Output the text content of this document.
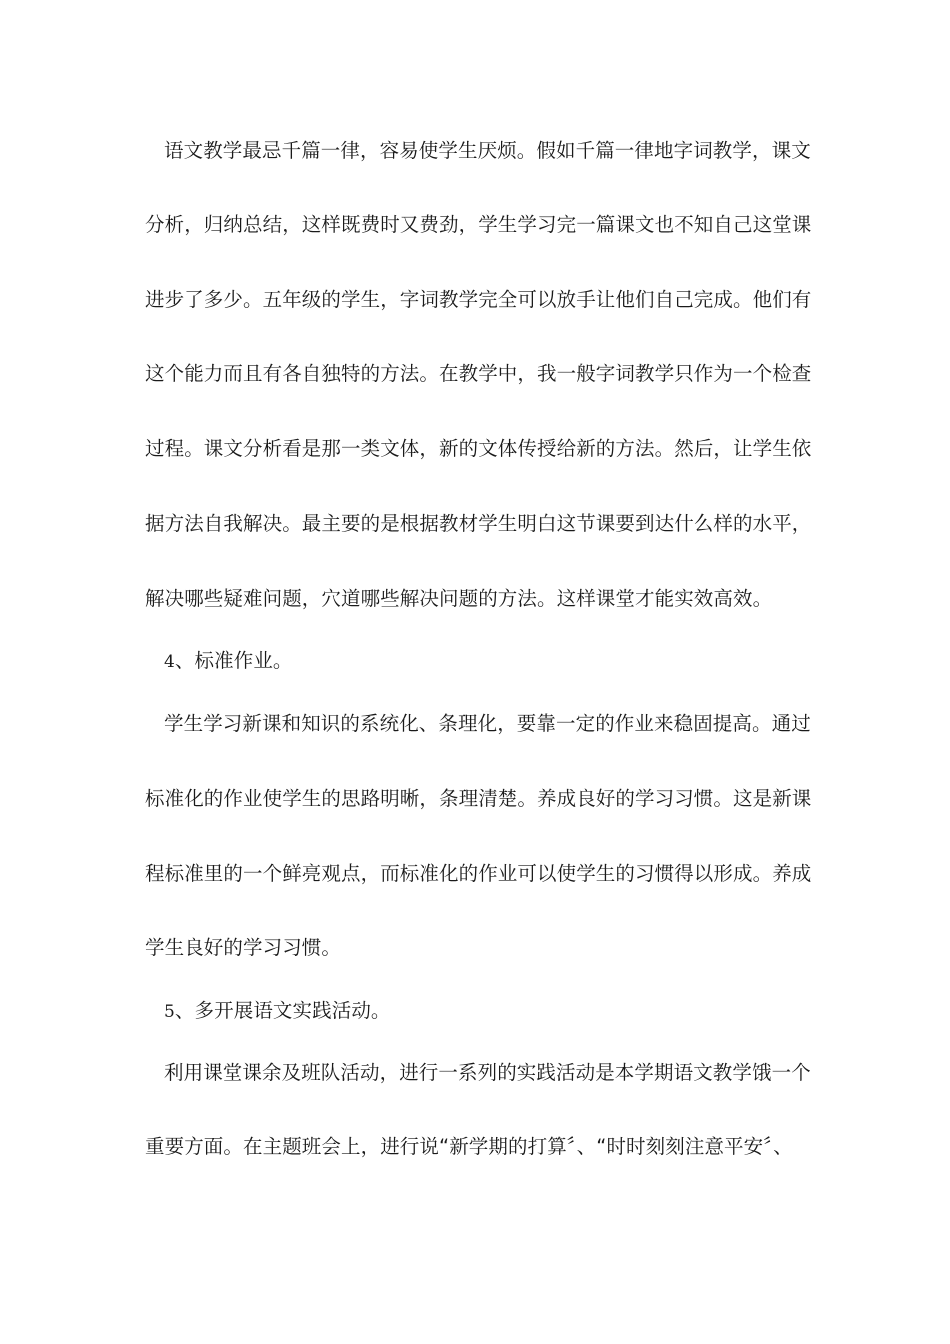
语文教学最忌千篇一律，容易使学生厌烦。假如千篇一律地字词教学，课文
分析，归纳总结，这样既费时又费劲，学生学习完一篇课文也不知自己这堂课
进步了多少。五年级的学生，字词教学完全可以放手让他们自己完成。他们有
这个能力而且有各自独特的方法。在教学中，我一般字词教学只作为一个检查
过程。课文分析看是那一类文体，新的文体传授给新的方法。然后，让学生依
据方法自我解决。最主要的是根据教材学生明白这节课要到达什么样的水平，
解决哪些疑难问题，穴道哪些解决问题的方法。这样课堂才能实效高效。
4、标准作业。
学生学习新课和知识的系统化、条理化，要靠一定的作业来稳固提高。通过
标准化的作业使学生的思路明晰，条理清楚。养成良好的学习习惯。这是新课
程标准里的一个鲜亮观点，而标准化的作业可以使学生的习惯得以形成。养成
学生良好的学习习惯。
5、多开展语文实践活动。
利用课堂课余及班队活动，进行一系列的实践活动是本学期语文教学饿一个
重要方面。在主题班会上，进行说“新学期的打算〞、“时时刻刻注意平安〞、
